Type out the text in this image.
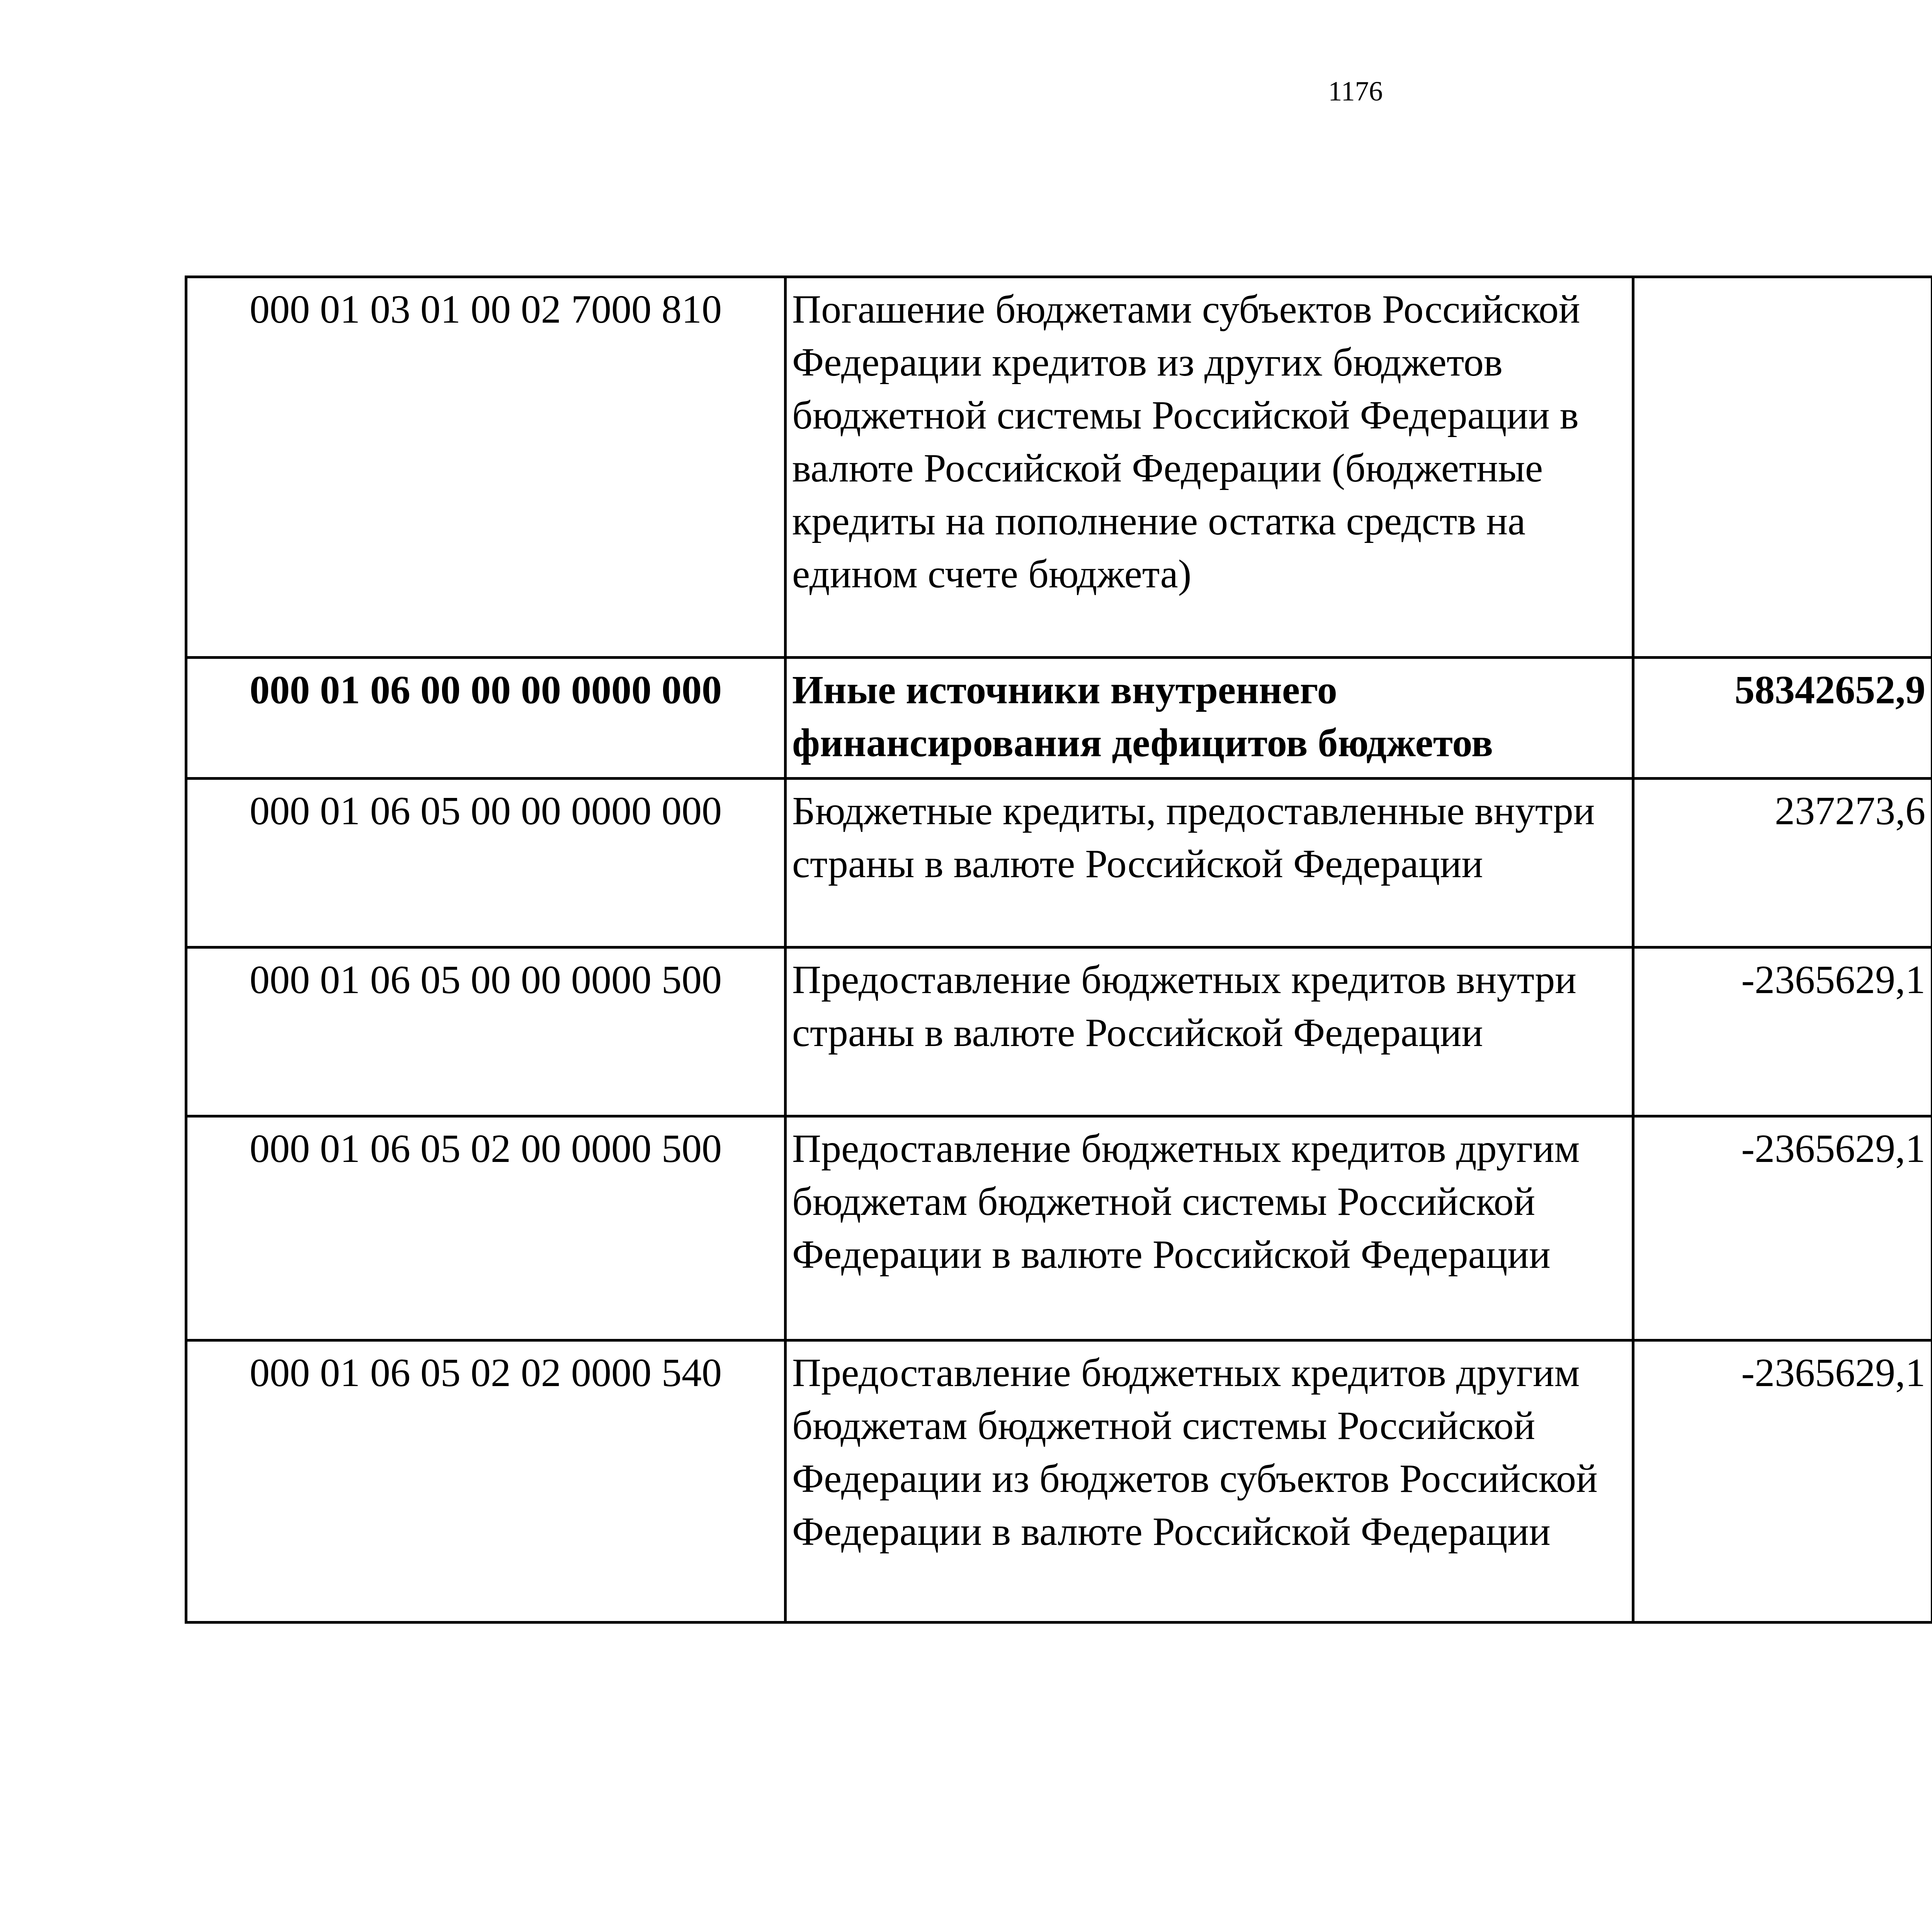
1176
000 01 03 01 00 02 7000 810	Погашение бюджетами субъектов Российской Федерации кредитов из других бюджетов бюджетной системы Российской Федерации в валюте Российской Федерации (бюджетные кредиты на пополнение остатка средств на едином счете бюджета)			
000 01 06 00 00 00 0000 000	Иные источники внутреннего финансирования дефицитов бюджетов	58342652,9		
000 01 06 05 00 00 0000 000	Бюджетные кредиты, предоставленные внутри страны в валюте Российской Федерации	237273,6		
000 01 06 05 00 00 0000 500	Предоставление бюджетных кредитов внутри страны в валюте Российской Федерации	-2365629,1		
000 01 06 05 02 00 0000 500	Предоставление бюджетных кредитов другим бюджетам бюджетной системы Российской Федерации в валюте Российской Федерации	-2365629,1		
000 01 06 05 02 02 0000 540	Предоставление бюджетных кредитов другим бюджетам бюджетной системы Российской Федерации из бюджетов субъектов Российской Федерации в валюте Российской Федерации	-2365629,1		
